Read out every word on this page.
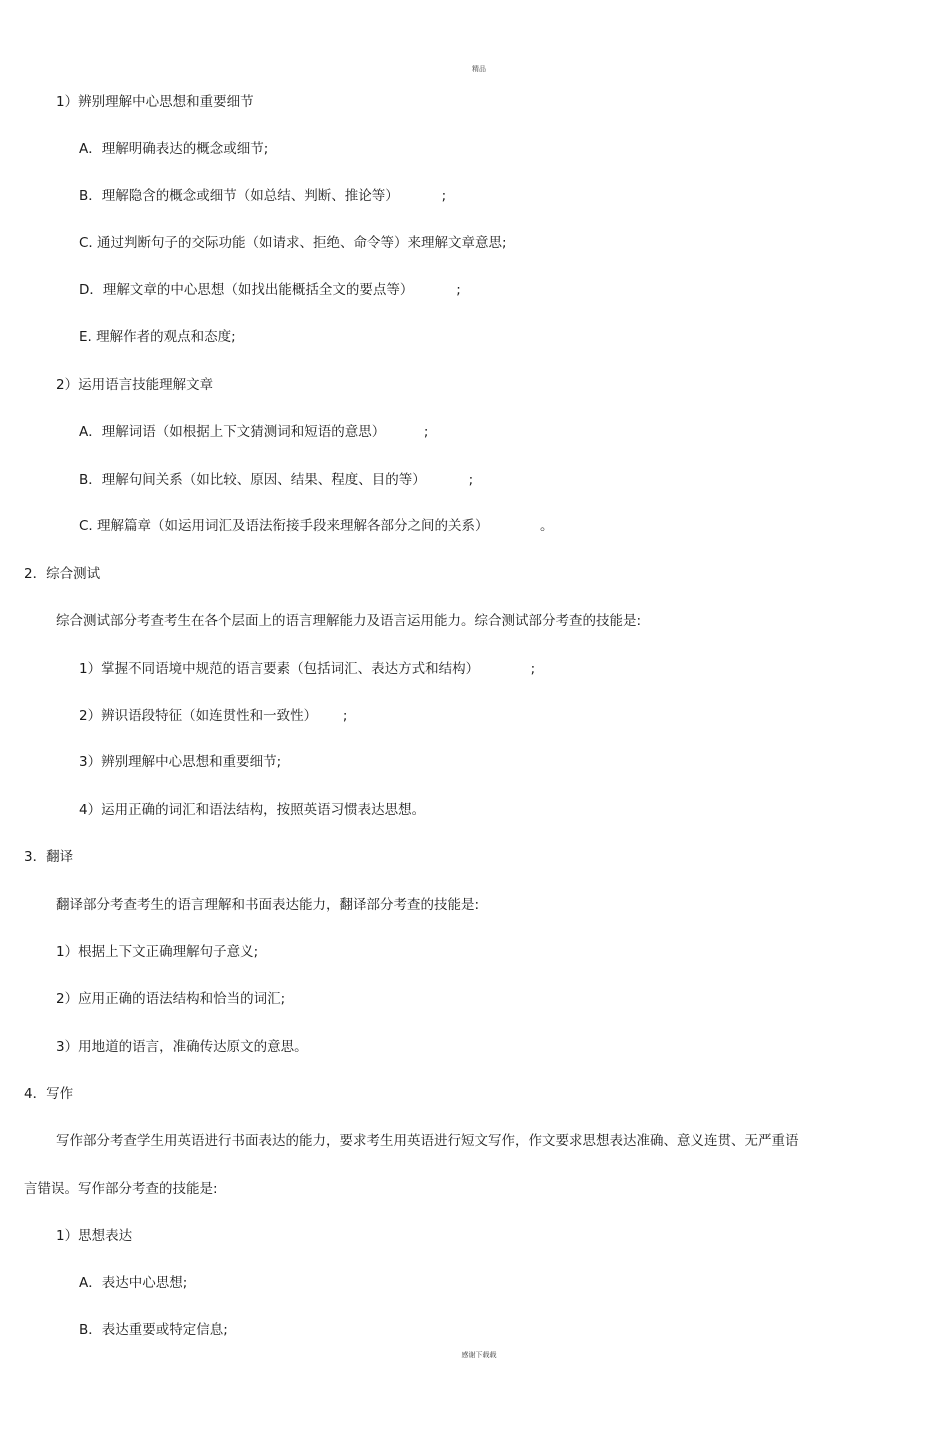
精品
1）辨别理解中心思想和重要细节
A．理解明确表达的概念或细节;
B．理解隐含的概念或细节（如总结、判断、推论等）          ;
C. 通过判断句子的交际功能（如请求、拒绝、命令等）来理解文章意思;
D．理解文章的中心思想（如找出能概括全文的要点等）          ;
E. 理解作者的观点和态度;
2）运用语言技能理解文章
A．理解词语（如根据上下文猜测词和短语的意思）         ;
B．理解句间关系（如比较、原因、结果、程度、目的等）          ;
C. 理解篇章（如运用词汇及语法衔接手段来理解各部分之间的关系）            。
2．综合测试
综合测试部分考查考生在各个层面上的语言理解能力及语言运用能力。综合测试部分考查的技能是:
1）掌握不同语境中规范的语言要素（包括词汇、表达方式和结构）            ;
2）辨识语段特征（如连贯性和一致性）      ;
3）辨别理解中心思想和重要细节;
4）运用正确的词汇和语法结构，按照英语习惯表达思想。
3．翻译
翻译部分考查考生的语言理解和书面表达能力，翻译部分考查的技能是:
1）根据上下文正确理解句子意义;
2）应用正确的语法结构和恰当的词汇;
3）用地道的语言，准确传达原文的意思。
4．写作
写作部分考查学生用英语进行书面表达的能力，要求考生用英语进行短文写作，作文要求思想表达准确、意义连贯、无严重语
言错误。写作部分考查的技能是:
1）思想表达
A．表达中心思想;
B．表达重要或特定信息;
感谢下载载
